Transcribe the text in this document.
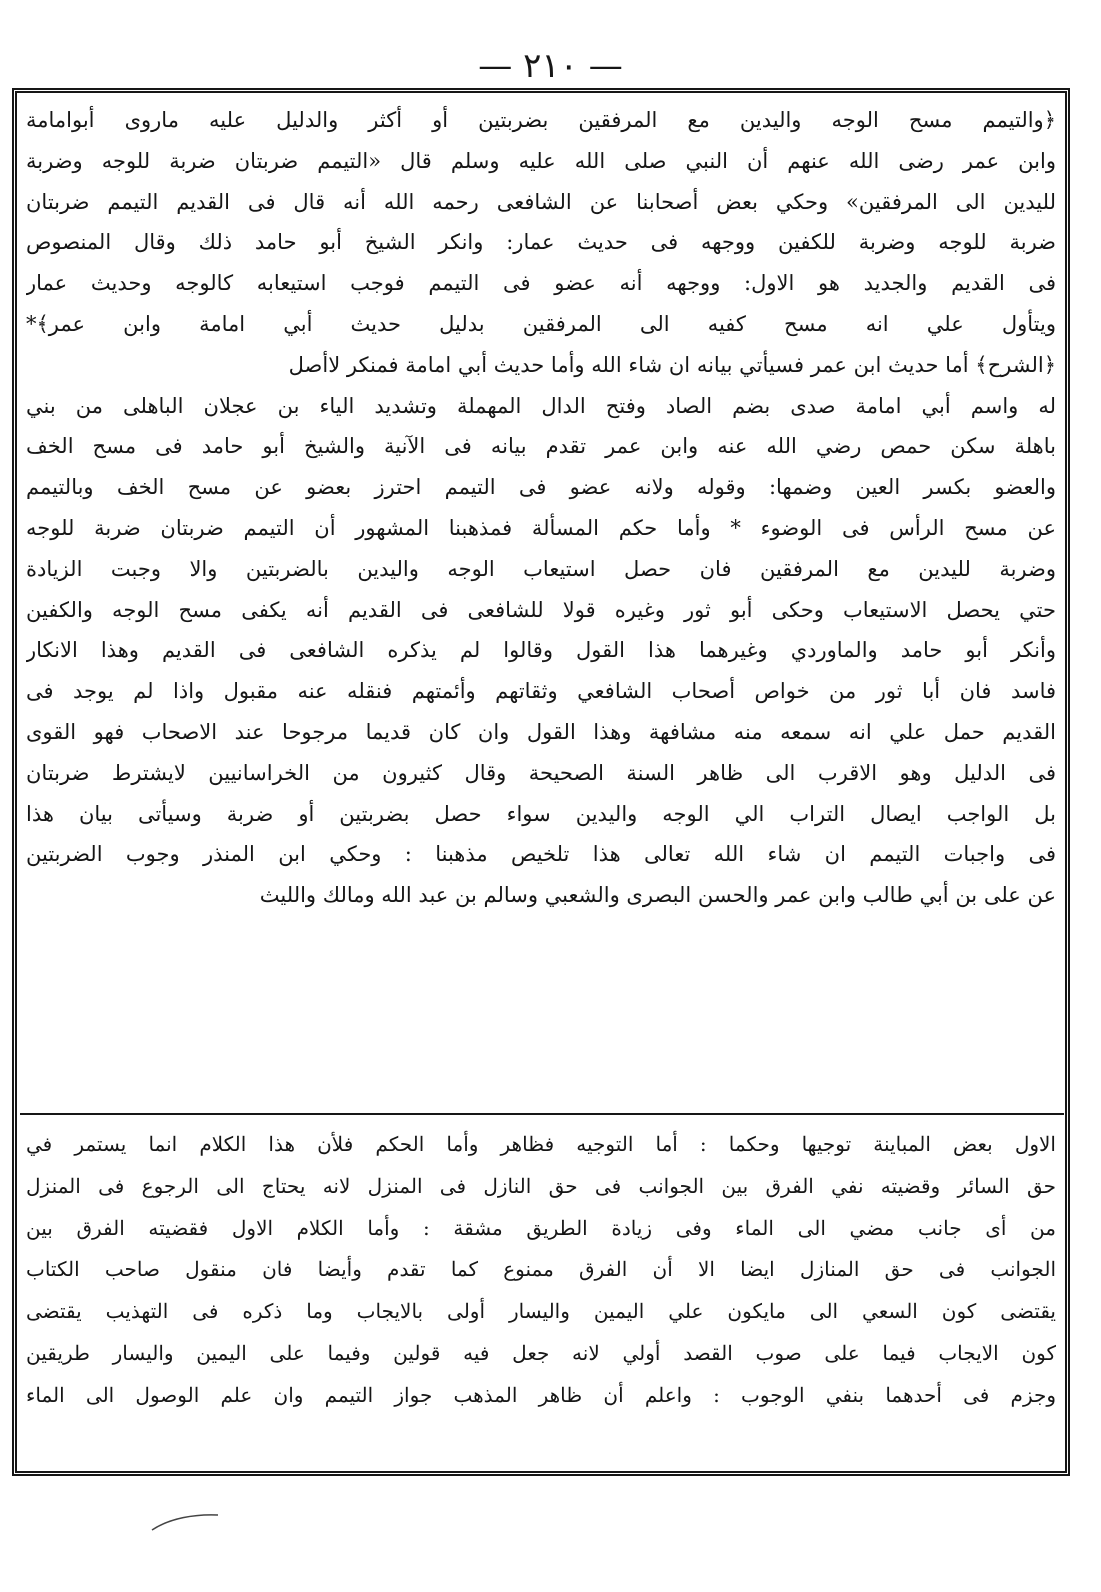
— ٢١٠ —
﴿والتيمم مسح الوجه واليدين مع المرفقين بضربتين أو أكثر والدليل عليه ماروى أبوامامة
وابن عمر رضى الله عنهم أن النبي صلى الله عليه وسلم قال «التيمم ضربتان ضربة للوجه وضربة
لليدين الى المرفقين» وحكي بعض أصحابنا عن الشافعى رحمه الله أنه قال فى القديم التيمم ضربتان
ضربة للوجه وضربة للكفين ووجهه فى حديث عمار: وانكر الشيخ أبو حامد ذلك وقال المنصوص
فى القديم والجديد هو الاول: ووجهه أنه عضو فى التيمم فوجب استيعابه كالوجه وحديث عمار
ويتأول علي انه مسح كفيه الى المرفقين بدليل حديث أبي امامة وابن عمر﴾*
﴿الشرح﴾ أما حديث ابن عمر فسيأتي بيانه ان شاء الله وأما حديث أبي امامة فمنكر لاأصل
له واسم أبي امامة صدى بضم الصاد وفتح الدال المهملة وتشديد الياء بن عجلان الباهلى من بني
باهلة سكن حمص رضي الله عنه وابن عمر تقدم بيانه فى الآنية والشيخ أبو حامد فى مسح الخف
والعضو بكسر العين وضمها: وقوله ولانه عضو فى التيمم احترز بعضو عن مسح الخف وبالتيمم
عن مسح الرأس فى الوضوء * وأما حكم المسألة فمذهبنا المشهور أن التيمم ضربتان ضربة للوجه
وضربة لليدين مع المرفقين فان حصل استيعاب الوجه واليدين بالضربتين والا وجبت الزيادة
حتي يحصل الاستيعاب وحكى أبو ثور وغيره قولا للشافعى فى القديم أنه يكفى مسح الوجه والكفين
وأنكر أبو حامد والماوردي وغيرهما هذا القول وقالوا لم يذكره الشافعى فى القديم وهذا الانكار
فاسد فان أبا ثور من خواص أصحاب الشافعي وثقاتهم وأئمتهم فنقله عنه مقبول واذا لم يوجد فى
القديم حمل علي انه سمعه منه مشافهة وهذا القول وان كان قديما مرجوحا عند الاصحاب فهو القوى
فى الدليل وهو الاقرب الى ظاهر السنة الصحيحة وقال كثيرون من الخراسانيين لايشترط ضربتان
بل الواجب ايصال التراب الي الوجه واليدين سواء حصل بضربتين أو ضربة وسيأتى بيان هذا
فى واجبات التيمم ان شاء الله تعالى هذا تلخيص مذهبنا : وحكي ابن المنذر وجوب الضربتين
عن على بن أبي طالب وابن عمر والحسن البصرى والشعبي وسالم بن عبد الله ومالك والليث
الاول بعض المباينة توجيها وحكما : أما التوجيه فظاهر وأما الحكم فلأن هذا الكلام انما يستمر في
حق السائر وقضيته نفي الفرق بين الجوانب فى حق النازل فى المنزل لانه يحتاج الى الرجوع فى المنزل
من أى جانب مضي الى الماء وفى زيادة الطريق مشقة : وأما الكلام الاول فقضيته الفرق بين
الجوانب فى حق المنازل ايضا الا أن الفرق ممنوع كما تقدم وأيضا فان منقول صاحب الكتاب
يقتضى كون السعي الى مايكون علي اليمين واليسار أولى بالايجاب وما ذكره فى التهذيب يقتضى
كون الايجاب فيما على صوب القصد أولي لانه جعل فيه قولين وفيما على اليمين واليسار طريقين
وجزم فى أحدهما بنفي الوجوب : واعلم أن ظاهر المذهب جواز التيمم وان علم الوصول الى الماء
